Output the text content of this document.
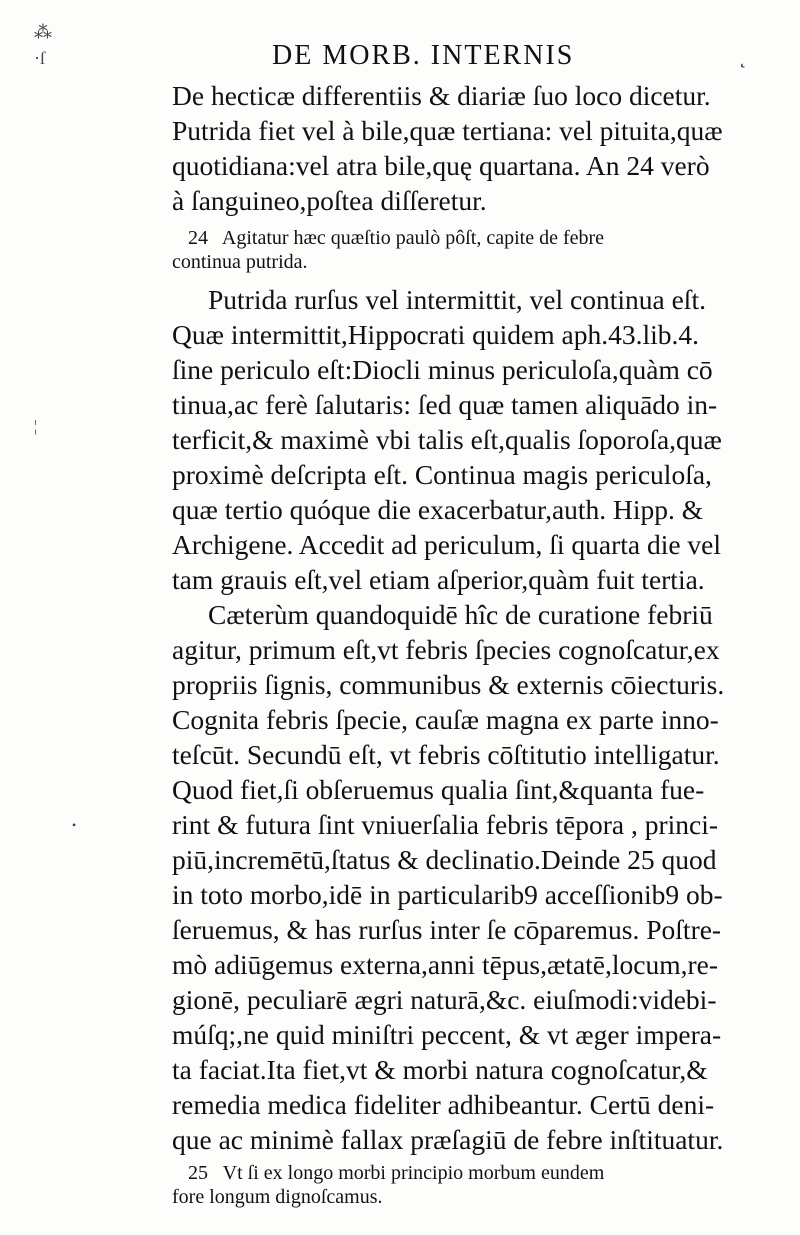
⁂
·ſ
¦
•
DE MORB. INTERNIS	˛
De hecticæ differentiis & diariæ ſuo loco dicetur.
Putrida fiet vel à bile,quæ tertiana: vel pituita,quæ
quotidiana:vel atra bile,quę quartana. An 24 verò
à ſanguineo,poſtea diſſeretur.
24 Agitatur hæc quæſtio paulò pôſt, capite de febre
continua putrida.
Putrida rurſus vel intermittit, vel continua eſt.
Quæ intermittit,Hippocrati quidem aph.43.lib.4.
ſine periculo eſt:Diocli minus periculoſa,quàm cō
tinua,ac ferè ſalutaris: ſed quæ tamen aliquādo in-
terficit,& maximè vbi talis eſt,qualis ſoporoſa,quæ
proximè deſcripta eſt. Continua magis periculoſa,
quæ tertio quóque die exacerbatur,auth. Hipp. &
Archigene. Accedit ad periculum, ſi quarta die vel
tam grauis eſt,vel etiam aſperior,quàm fuit tertia.
Cæterùm quandoquidē hîc de curatione febriū
agitur, primum eſt,vt febris ſpecies cognoſcatur,ex
propriis ſignis, communibus & externis cōiecturis.
Cognita febris ſpecie, cauſæ magna ex parte inno-
teſcūt. Secundū eſt, vt febris cōſtitutio intelligatur.
Quod fiet,ſi obſeruemus qualia ſint,&quanta fue-
rint & futura ſint vniuerſalia febris tēpora , princi-
piū,incremētū,ſtatus & declinatio.Deinde 25 quod
in toto morbo,idē in particularib9 acceſſionib9 ob-
ſeruemus, & has rurſus inter ſe cōparemus. Poſtre-
mò adiūgemus externa,anni tēpus,ætatē,locum,re-
gionē, peculiarē ægri naturā,&c. eiuſmodi:videbi-
múſq;,ne quid miniſtri peccent, & vt æger impera-
ta faciat.Ita fiet,vt & morbi natura cognoſcatur,&
remedia medica fideliter adhibeantur. Certū deni-
que ac minimè fallax præſagiū de febre inſtituatur.
25 Vt ſi ex longo morbi principio morbum eundem
fore longum dignoſcamus.
